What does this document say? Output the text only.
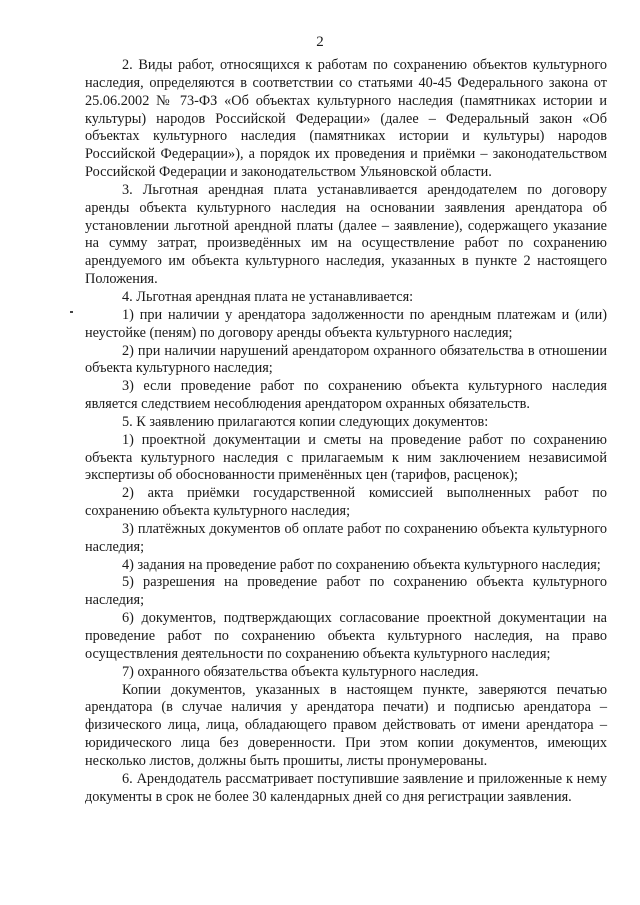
2

2. Виды работ, относящихся к работам по сохранению объектов культурного наследия, определяются в соответствии со статьями 40-45 Федерального закона от 25.06.2002 № 73-ФЗ «Об объектах культурного наследия (памятниках истории и культуры) народов Российской Федерации» (далее – Федеральный закон «Об объектах культурного наследия (памятниках истории и культуры) народов Российской Федерации»), а порядок их проведения и приёмки – законодательством Российской Федерации и законодательством Ульяновской области.

3. Льготная арендная плата устанавливается арендодателем по договору аренды объекта культурного наследия на основании заявления арендатора об установлении льготной арендной платы (далее – заявление), содержащего указание на сумму затрат, произведённых им на осуществление работ по сохранению арендуемого им объекта культурного наследия, указанных в пункте 2 настоящего Положения.

4. Льготная арендная плата не устанавливается:

1) при наличии у арендатора задолженности по арендным платежам и (или) неустойке (пеням) по договору аренды объекта культурного наследия;

2) при наличии нарушений арендатором охранного обязательства в отношении объекта культурного наследия;

3) если проведение работ по сохранению объекта культурного наследия является следствием несоблюдения арендатором охранных обязательств.

5. К заявлению прилагаются копии следующих документов:

1) проектной документации и сметы на проведение работ по сохранению объекта культурного наследия с прилагаемым к ним заключением независимой экспертизы об обоснованности применённых цен (тарифов, расценок);

2) акта приёмки государственной комиссией выполненных работ по сохранению объекта культурного наследия;

3) платёжных документов об оплате работ по сохранению объекта культурного наследия;

4) задания на проведение работ по сохранению объекта культурного наследия;

5) разрешения на проведение работ по сохранению объекта культурного наследия;

6) документов, подтверждающих согласование проектной документации на проведение работ по сохранению объекта культурного наследия, на право осуществления деятельности по сохранению объекта культурного наследия;

7) охранного обязательства объекта культурного наследия.

Копии документов, указанных в настоящем пункте, заверяются печатью арендатора (в случае наличия у арендатора печати) и подписью арендатора – физического лица, лица, обладающего правом действовать от имени арендатора – юридического лица без доверенности. При этом копии документов, имеющих несколько листов, должны быть прошиты, листы пронумерованы.

6. Арендодатель рассматривает поступившие заявление и приложенные к нему документы в срок не более 30 календарных дней со дня регистрации заявления.
